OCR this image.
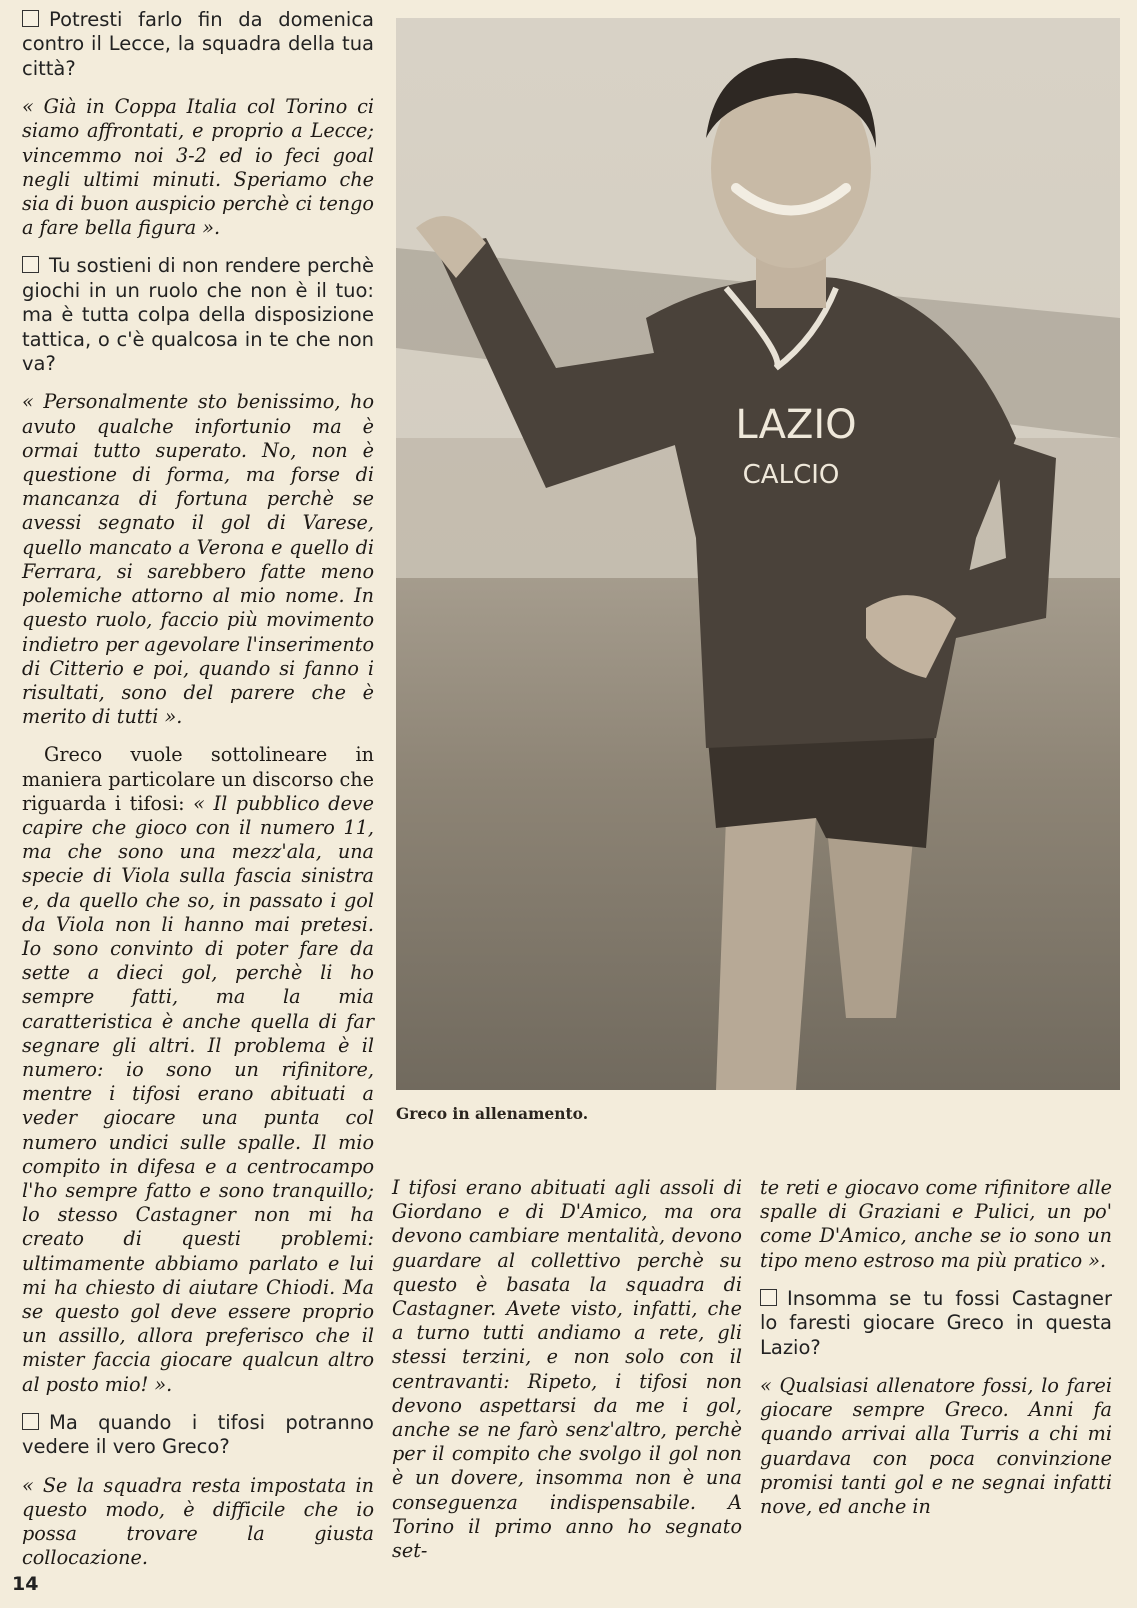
Potresti farlo fin da domenica contro il Lecce, la squadra della tua città?

« Già in Coppa Italia col Torino ci siamo affrontati, e proprio a Lecce; vincemmo noi 3-2 ed io feci goal negli ultimi minuti. Speriamo che sia di buon auspicio perchè ci tengo a fare bella figura ».

Tu sostieni di non rendere perchè giochi in un ruolo che non è il tuo: ma è tutta colpa della disposizione tattica, o c'è qualcosa in te che non va?

« Personalmente sto benissimo, ho avuto qualche infortunio ma è ormai tutto superato. No, non è questione di forma, ma forse di mancanza di fortuna perchè se avessi segnato il gol di Varese, quello mancato a Verona e quello di Ferrara, si sarebbero fatte meno polemiche attorno al mio nome. In questo ruolo, faccio più movimento indietro per agevolare l'inserimento di Citterio e poi, quando si fanno i risultati, sono del parere che è merito di tutti ».

Greco vuole sottolineare in maniera particolare un discorso che riguarda i tifosi: « Il pubblico deve capire che gioco con il numero 11, ma che sono una mezz'ala, una specie di Viola sulla fascia sinistra e, da quello che so, in passato i gol da Viola non li hanno mai pretesi. Io sono convinto di poter fare da sette a dieci gol, perchè li ho sempre fatti, ma la mia caratteristica è anche quella di far segnare gli altri. Il problema è il numero: io sono un rifinitore, mentre i tifosi erano abituati a veder giocare una punta col numero undici sulle spalle. Il mio compito in difesa e a centrocampo l'ho sempre fatto e sono tranquillo; lo stesso Castagner non mi ha creato di questi problemi: ultimamente abbiamo parlato e lui mi ha chiesto di aiutare Chiodi. Ma se questo gol deve essere proprio un assillo, allora preferisco che il mister faccia giocare qualcun altro al posto mio! ».

Ma quando i tifosi potranno vedere il vero Greco?

« Se la squadra resta impostata in questo modo, è difficile che io possa trovare la giusta collocazione.

LAZIO
CALCIO
Greco in allenamento.

I tifosi erano abituati agli assoli di Giordano e di D'Amico, ma ora devono cambiare mentalità, devono guardare al collettivo perchè su questo è basata la squadra di Castagner. Avete visto, infatti, che a turno tutti andiamo a rete, gli stessi terzini, e non solo con il centravanti: Ripeto, i tifosi non devono aspettarsi da me i gol, anche se ne farò senz'altro, perchè per il compito che svolgo il gol non è un dovere, insomma non è una conseguenza indispensabile. A Torino il primo anno ho segnato set-

te reti e giocavo come rifinitore alle spalle di Graziani e Pulici, un po' come D'Amico, anche se io sono un tipo meno estroso ma più pratico ».

Insomma se tu fossi Castagner lo faresti giocare Greco in questa Lazio?

« Qualsiasi allenatore fossi, lo farei giocare sempre Greco. Anni fa quando arrivai alla Turris a chi mi guardava con poca convinzione promisi tanti gol e ne segnai infatti nove, ed anche in

14
